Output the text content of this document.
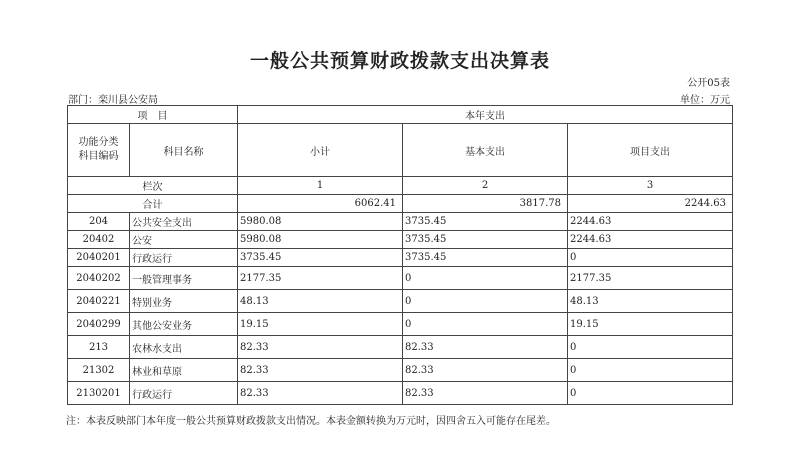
一般公共预算财政拨款支出决算表
公开05表
部门：栾川县公安局	单位：万元
项　目		本年支出		
功能分类
科目编码	科目名称	小计	基本支出	项目支出
栏次		1	2	3
合计		6062.41	3817.78	2244.63
204	公共安全支出	5980.08	3735.45	2244.63
20402	公安	5980.08	3735.45	2244.63
2040201	行政运行	3735.45	3735.45	0
2040202	一般管理事务	2177.35	0	2177.35
2040221	特别业务	48.13	0	48.13
2040299	其他公安业务	19.15	0	19.15
213	农林水支出	82.33	82.33	0
21302	林业和草原	82.33	82.33	0
2130201	行政运行	82.33	82.33	0
注：本表反映部门本年度一般公共预算财政拨款支出情况。本表金额转换为万元时，因四舍五入可能存在尾差。
